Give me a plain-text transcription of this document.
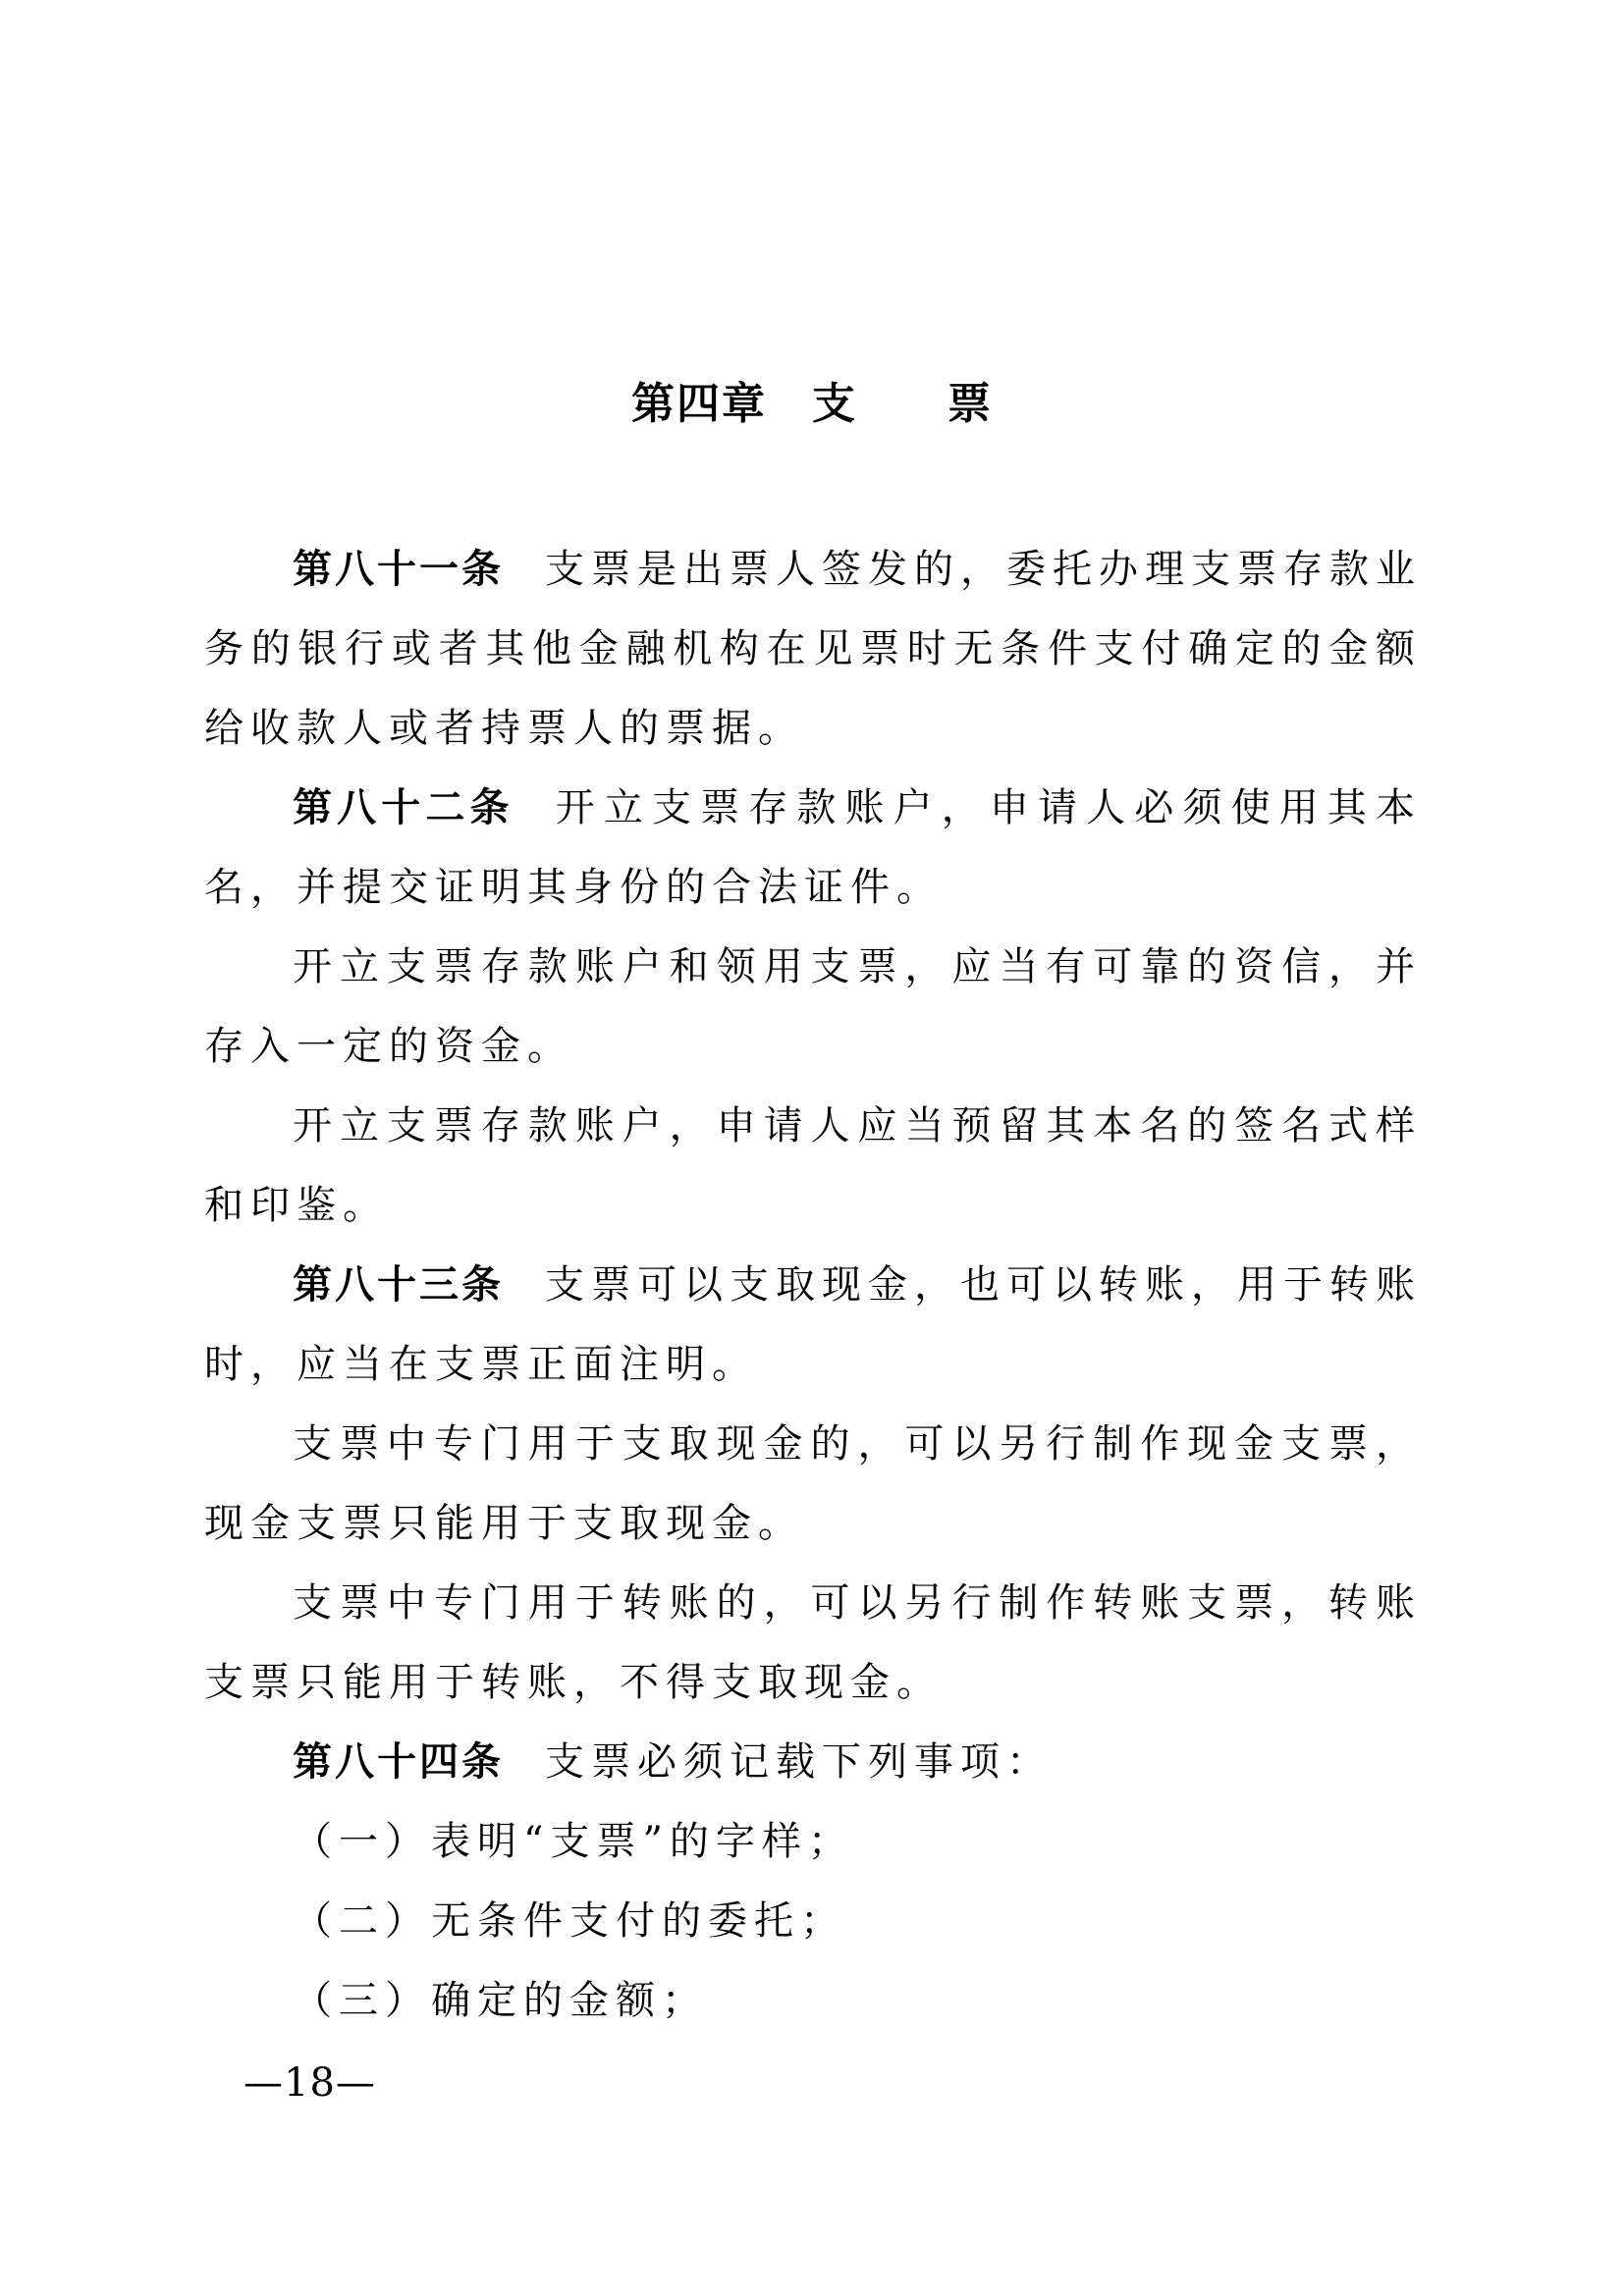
第四章　支　　票

第八十一条 支票是出票人签发的，委托办理支票存款业务的银行或者其他金融机构在见票时无条件支付确定的金额给收款人或者持票人的票据。

第八十二条 开立支票存款账户，申请人必须使用其本名，并提交证明其身份的合法证件。

开立支票存款账户和领用支票，应当有可靠的资信，并存入一定的资金。

开立支票存款账户，申请人应当预留其本名的签名式样和印鉴。

第八十三条 支票可以支取现金，也可以转账，用于转账时，应当在支票正面注明。

支票中专门用于支取现金的，可以另行制作现金支票，现金支票只能用于支取现金。

支票中专门用于转账的，可以另行制作转账支票，转账支票只能用于转账，不得支取现金。

第八十四条 支票必须记载下列事项：

（一）表明“支票”的字样；

（二）无条件支付的委托；

（三）确定的金额；

—18—
